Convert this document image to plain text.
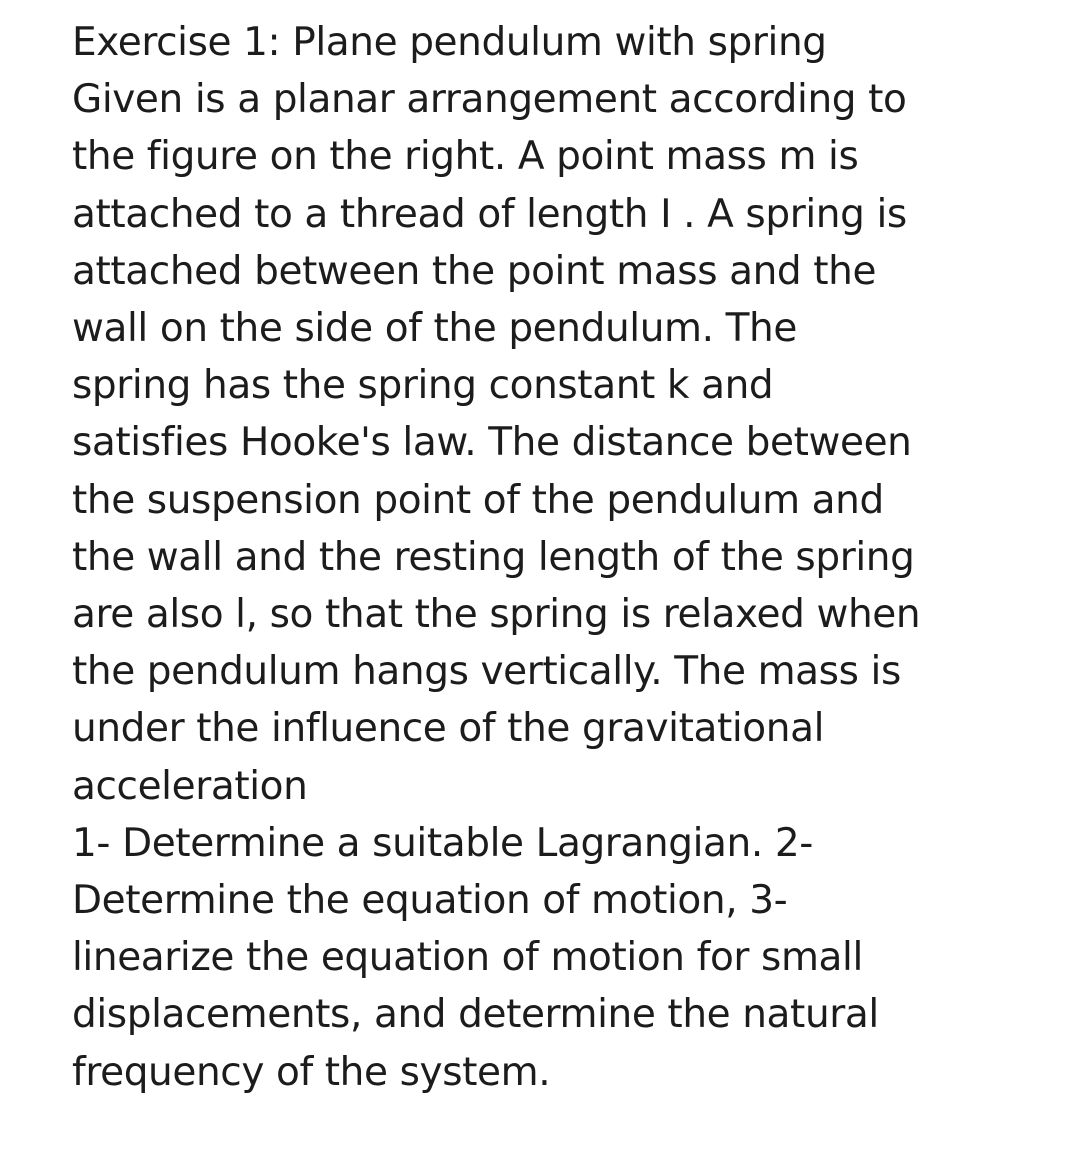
Exercise 1: Plane pendulum with spring
Given is a planar arrangement according to
the figure on the right. A point mass m is
attached to a thread of length I . A spring is
attached between the point mass and the
wall on the side of the pendulum. The
spring has the spring constant k and
satisfies Hooke's law. The distance between
the suspension point of the pendulum and
the wall and the resting length of the spring
are also l, so that the spring is relaxed when
the pendulum hangs vertically. The mass is
under the influence of the gravitational
acceleration
1- Determine a suitable Lagrangian. 2-
Determine the equation of motion, 3-
linearize the equation of motion for small
displacements, and determine the natural
frequency of the system.
